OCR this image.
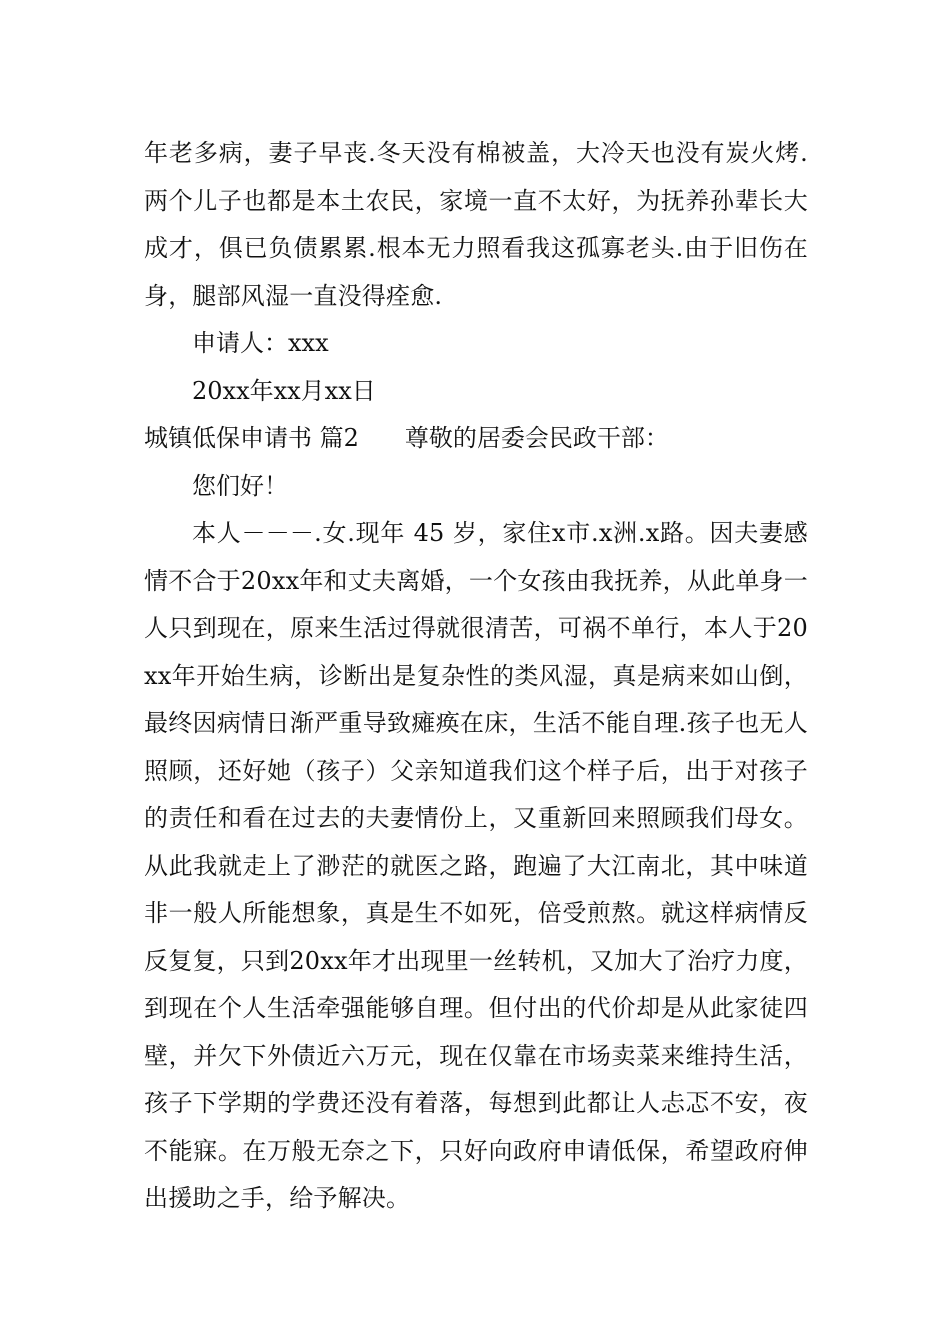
年老多病，妻子早丧.冬天没有棉被盖，大冷天也没有炭火烤.两个儿子也都是本土农民，家境一直不太好，为抚养孙辈长大成才，俱已负债累累.根本无力照看我这孤寡老头.由于旧伤在身，腿部风湿一直没得痊愈.

申请人：xxx

20xx年xx月xx日

城镇低保申请书 篇2 尊敬的居委会民政干部：

您们好！

本人－－－.女.现年 45 岁，家住x市.x洲.x路。因夫妻感情不合于20xx年和丈夫离婚，一个女孩由我抚养，从此单身一人只到现在，原来生活过得就很清苦，可祸不单行，本人于20xx年开始生病，诊断出是复杂性的类风湿，真是病来如山倒，最终因病情日渐严重导致瘫痪在床，生活不能自理.孩子也无人照顾，还好她（孩子）父亲知道我们这个样子后，出于对孩子的责任和看在过去的夫妻情份上，又重新回来照顾我们母女。从此我就走上了渺茫的就医之路，跑遍了大江南北，其中味道非一般人所能想象，真是生不如死，倍受煎熬。就这样病情反反复复，只到20xx年才出现里一丝转机，又加大了治疗力度，到现在个人生活牵强能够自理。但付出的代价却是从此家徒四壁，并欠下外债近六万元，现在仅靠在市场卖菜来维持生活，孩子下学期的学费还没有着落，每想到此都让人忐忑不安，夜不能寐。在万般无奈之下，只好向政府申请低保，希望政府伸出援助之手，给予解决。
